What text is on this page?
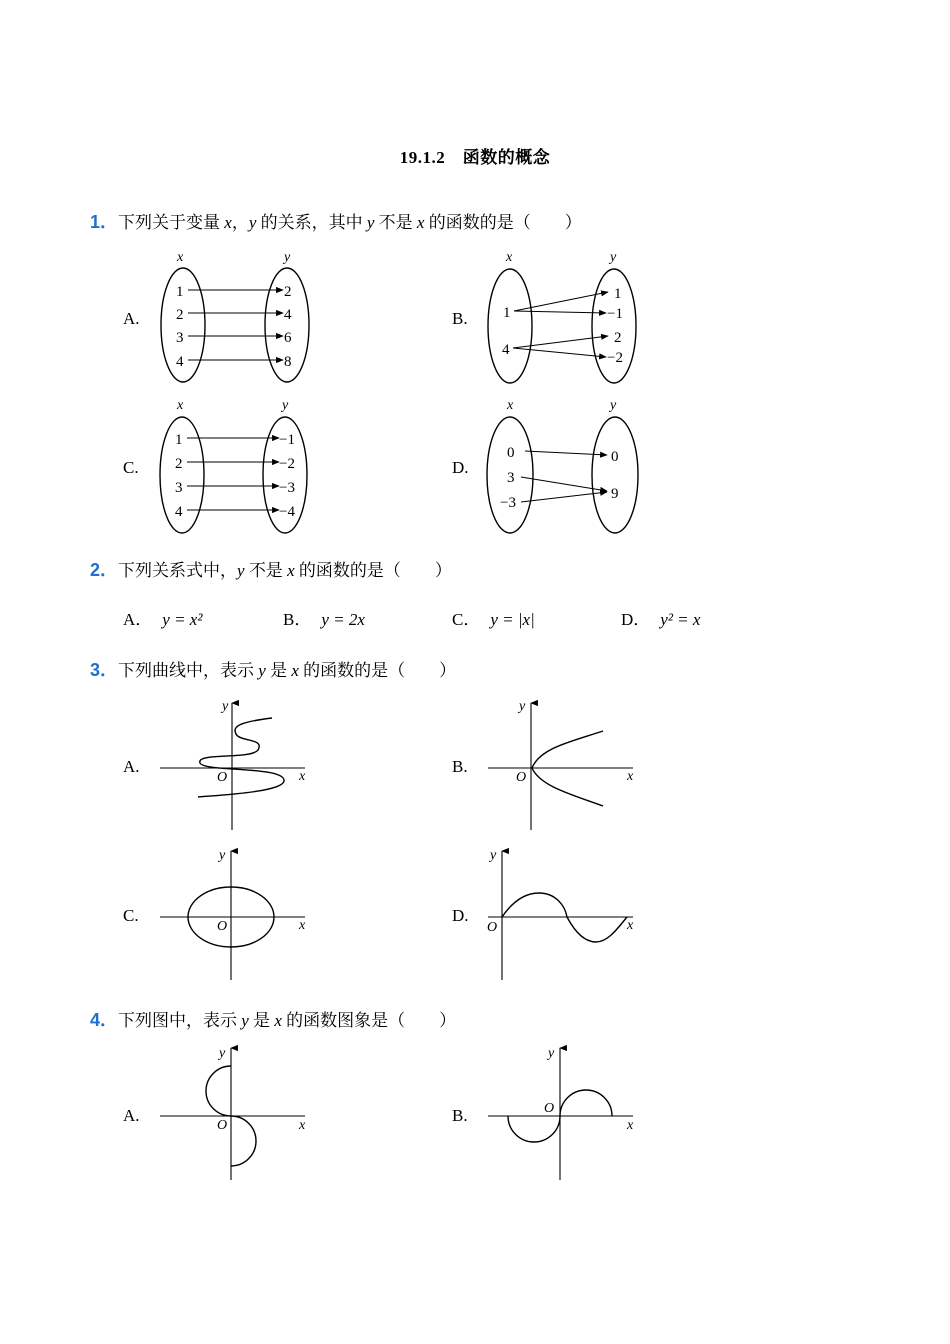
19.1.2　函数的概念
1．下列关于变量 x，y 的关系，其中 y 不是 x 的函数的是（　　）
A.	B.
C.	D.
x	y
1
2
3
4
2
4
6
8
x	y
1
4
1
−1
2
−2
x	y
1
2
3
4
−1
−2
−3
−4
x	y
0
3
−3
0
9
y
x
O
y
x
O
y
x
O
y
x
O
y
x
O
y
x
O
2．下列关系式中，y 不是 x 的函数的是（　　）
A． y = x²	B． y = 2x	C． y = |x|	D． y² = x
3．下列曲线中，表示 y 是 x 的函数的是（　　）
A.	B.
C.	D.
4．下列图中，表示 y 是 x 的函数图象是（　　）
A.	B.
